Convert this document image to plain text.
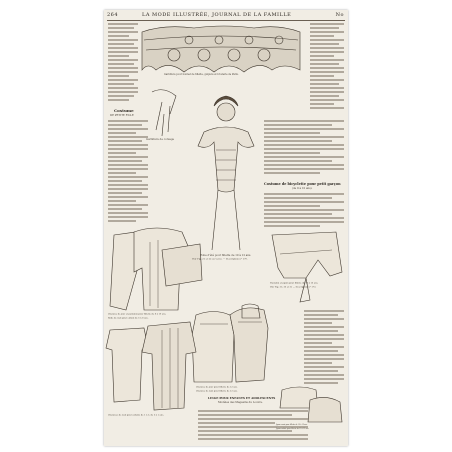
264	LA MODE ILLUSTRÉE, JOURNAL DE LA FAMILLE	No
Costume
DE PETITE FILLE
Costume de bicyclette pour petit garçon
(de 9 à 10 ans).
Garniture pour bonnet de fillette, guipure et broderie de Paris.
Garniture de corsage
Robe d'été pour fillette de 10 à 12 ans.
Voir Fig. 21 et 22 en verso. — Description n° 170.
Chemise de jour et pantalon pour fillette de 8 à 10 ans.
Robe de nuit pour enfant de 6 à 8 ans.
Pantalon et jupon pour fillette de 10 à 14 ans.
Voir Fig. 33, 34 et 35 — Description n° 173.
Chemise de jour pour fillette de 12 ans.
Chemise de nuit pour fillette de 12 ans.
LINGE POUR ENFANTS ET ADOLESCENTS
Modèles des Magasins du Louvre.
Chemises de nuit pour enfants de 1 à 3, de 3 à 5 ans.
Jupon court pour fillette de 10 à 12 ans.
Jupon-culotte pour fillette de 10 à 12 ans.
